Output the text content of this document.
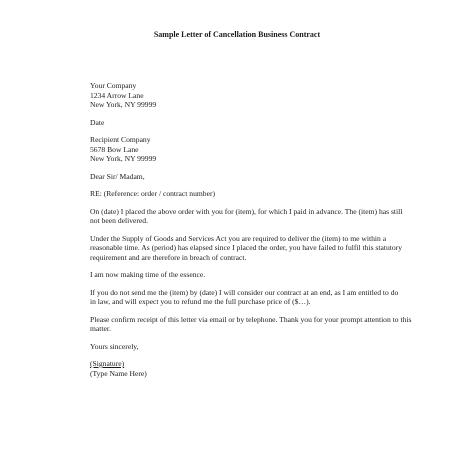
Sample Letter of Cancellation Business Contract
Your Company
1234 Arrow Lane
New York, NY 99999
Date
Recipient Company
5678 Bow Lane
New York, NY 99999
Dear Sir/ Madam,
RE: (Reference: order / contract number)
On (date) I placed the above order with you for (item), for which I paid in advance. The (item) has still
not been delivered.
Under the Supply of Goods and Services Act you are required to deliver the (item) to me within a
reasonable time. As (period) has elapsed since I placed the order, you have failed to fulfil this statutory
requirement and are therefore in breach of contract.
I am now making time of the essence.
If you do not send me the (item) by (date) I will consider our contract at an end, as I am entitled to do
in law, and will expect you to refund me the full purchase price of ($…).
Please confirm receipt of this letter via email or by telephone. Thank you for your prompt attention to this
matter.
Yours sincerely,
(Signature)
(Type Name Here)
